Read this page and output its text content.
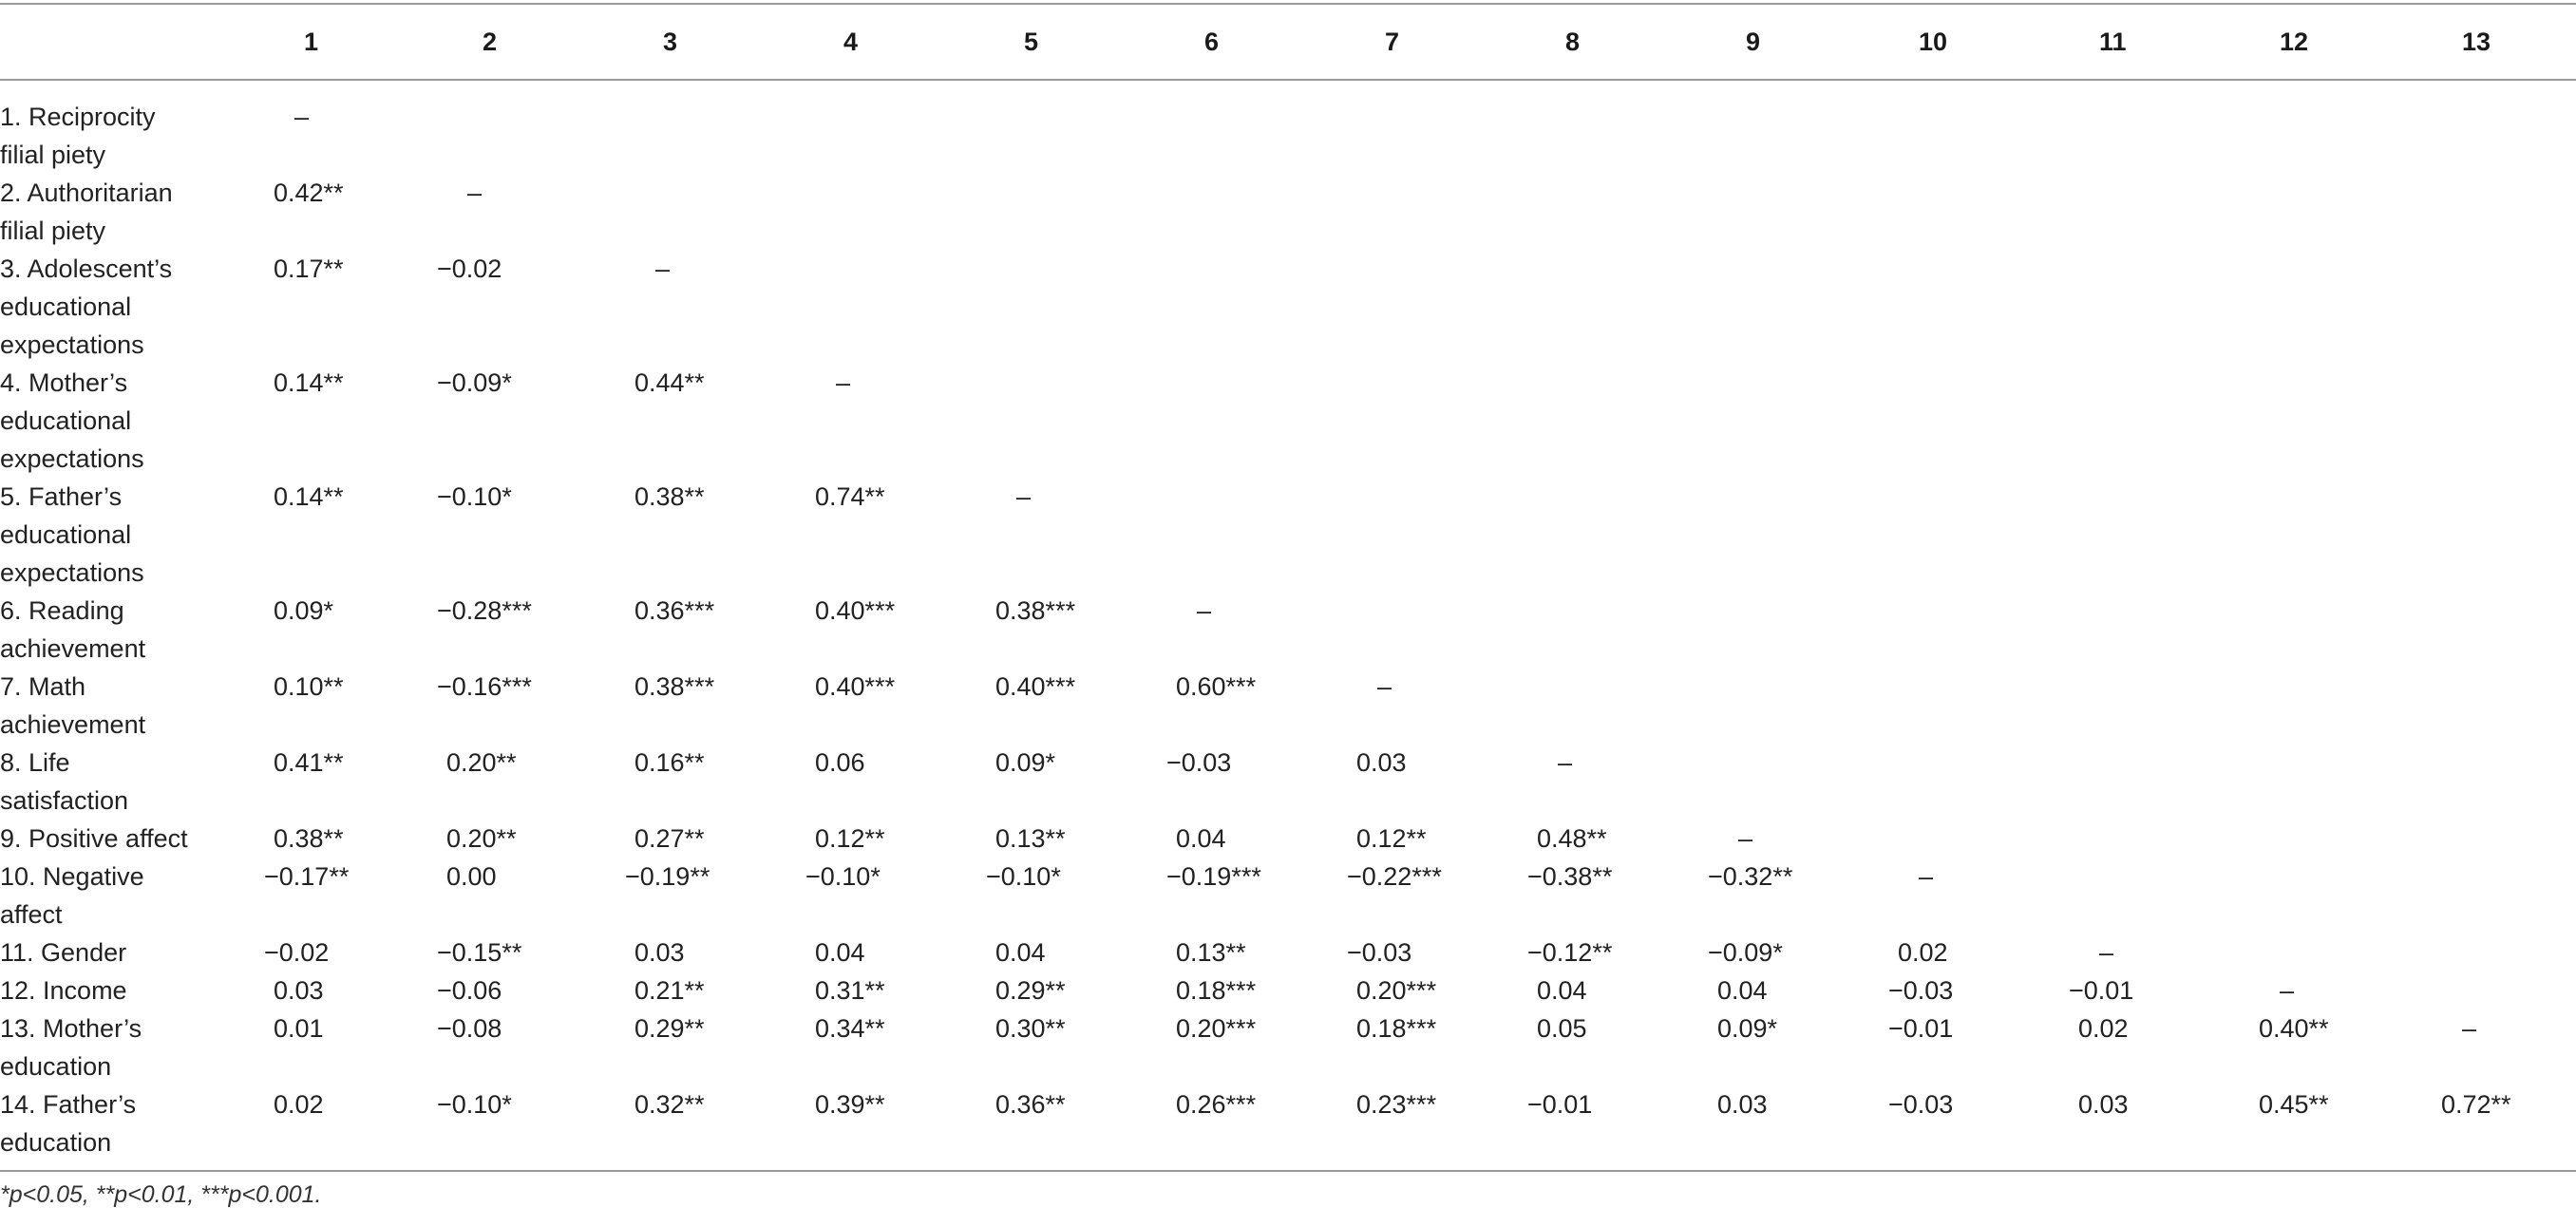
	1	2	3	4	5	6	7	8	9	10	11	12	13
1. Reciprocity filial piety	–												
2. Authoritarian filial piety	0.42**	–											
3. Adolescent’s educational expectations	0.17**	−0.02	–										
4. Mother’s educational expectations	0.14**	−0.09*	0.44**	–									
5. Father’s educational expectations	0.14**	−0.10*	0.38**	0.74**	–								
6. Reading achievement	0.09*	−0.28***	0.36***	0.40***	0.38***	–							
7. Math achievement	0.10**	−0.16***	0.38***	0.40***	0.40***	0.60***	–						
8. Life satisfaction	0.41**	0.20**	0.16**	0.06	0.09*	−0.03	0.03	–					
9. Positive affect	0.38**	0.20**	0.27**	0.12**	0.13**	0.04	0.12**	0.48**	–				
10. Negative affect	−0.17**	0.00	−0.19**	−0.10*	−0.10*	−0.19***	−0.22***	−0.38**	−0.32**	–			
11. Gender	−0.02	−0.15**	0.03	0.04	0.04	0.13**	−0.03	−0.12**	−0.09*	0.02	–		
12. Income	0.03	−0.06	0.21**	0.31**	0.29**	0.18***	0.20***	0.04	0.04	−0.03	−0.01	–	
13. Mother’s education	0.01	−0.08	0.29**	0.34**	0.30**	0.20***	0.18***	0.05	0.09*	−0.01	0.02	0.40**	–
14. Father’s education	0.02	−0.10*	0.32**	0.39**	0.36**	0.26***	0.23***	−0.01	0.03	−0.03	0.03	0.45**	0.72**
*p<0.05, **p<0.01, ***p<0.001.
